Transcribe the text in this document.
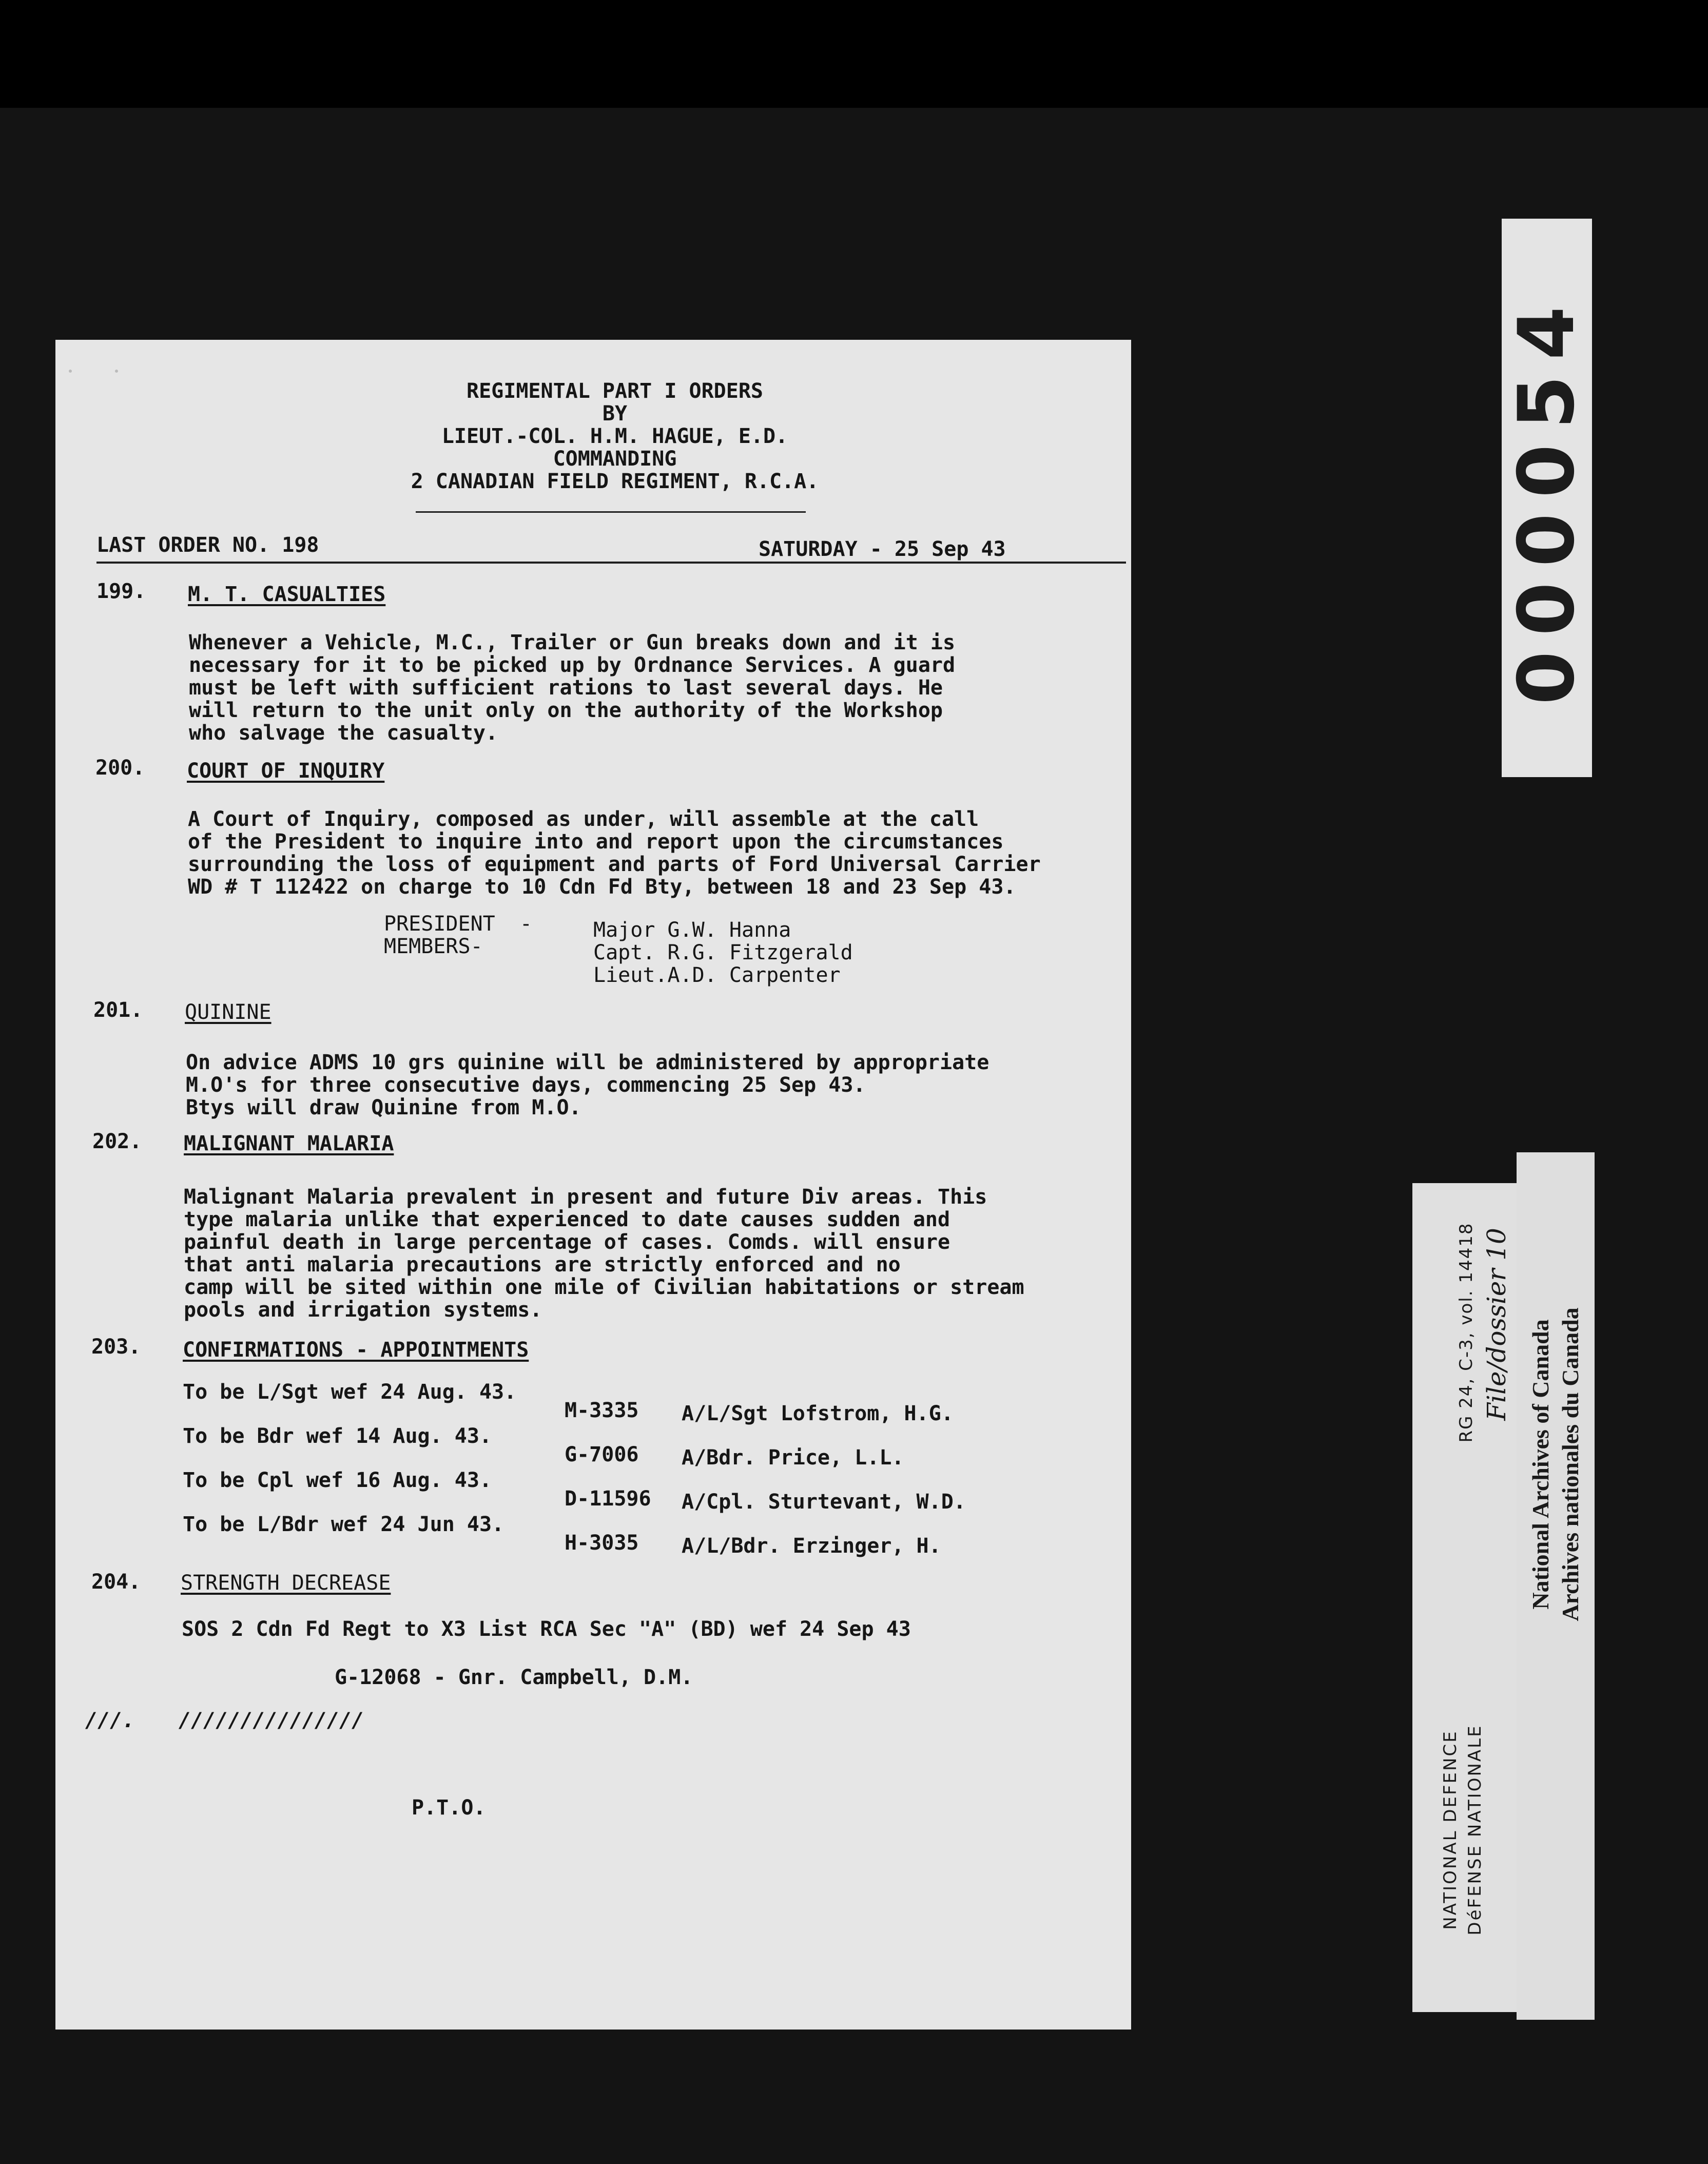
000054
REGIMENTAL PART I ORDERS
BY
LIEUT.-COL. H.M. HAGUE, E.D.
COMMANDING
2 CANADIAN FIELD REGIMENT, R.C.A.
LAST ORDER NO. 198	SATURDAY - 25 Sep 43
199. M. T. CASUALTIES
Whenever a Vehicle, M.C., Trailer or Gun breaks down and it is
necessary for it to be picked up by Ordnance Services. A guard
must be left with sufficient rations to last several days. He
will return to the unit only on the authority of the Workshop
who salvage the casualty.
200. COURT OF INQUIRY
A Court of Inquiry, composed as under, will assemble at the call
of the President to inquire into and report upon the circumstances
surrounding the loss of equipment and parts of Ford Universal Carrier
WD # T 112422 on charge to 10 Cdn Fd Bty, between 18 and 23 Sep 43.
PRESIDENT  -
MEMBERS-
Major G.W. Hanna
Capt. R.G. Fitzgerald
Lieut.A.D. Carpenter
201. QUININE
On advice ADMS 10 grs quinine will be administered by appropriate
M.O's for three consecutive days, commencing 25 Sep 43.
Btys will draw Quinine from M.O.
202. MALIGNANT MALARIA
Malignant Malaria prevalent in present and future Div areas. This
type malaria unlike that experienced to date causes sudden and
painful death in large percentage of cases. Comds. will ensure
that anti malaria precautions are strictly enforced and no
camp will be sited within one mile of Civilian habitations or stream
pools and irrigation systems.
203. CONFIRMATIONS - APPOINTMENTS
To be L/Sgt wef 24 Aug. 43.
To be Bdr wef 14 Aug. 43.
To be Cpl wef 16 Aug. 43.
To be L/Bdr wef 24 Jun 43.
M-3335
G-7006
D-11596
H-3035
A/L/Sgt Lofstrom, H.G.
A/Bdr. Price, L.L.
A/Cpl. Sturtevant, W.D.
A/L/Bdr. Erzinger, H.
204. STRENGTH DECREASE
SOS 2 Cdn Fd Regt to X3 List RCA Sec "A" (BD) wef 24 Sep 43
G-12068 - Gnr. Campbell, D.M.
///. ///////////////
P.T.O.
RG 24, C-3, vol. 14418 File/dossier 10
NATIONAL DEFENCE DéFENSE NATIONALE
National Archives of Canada Archives nationales du Canada
